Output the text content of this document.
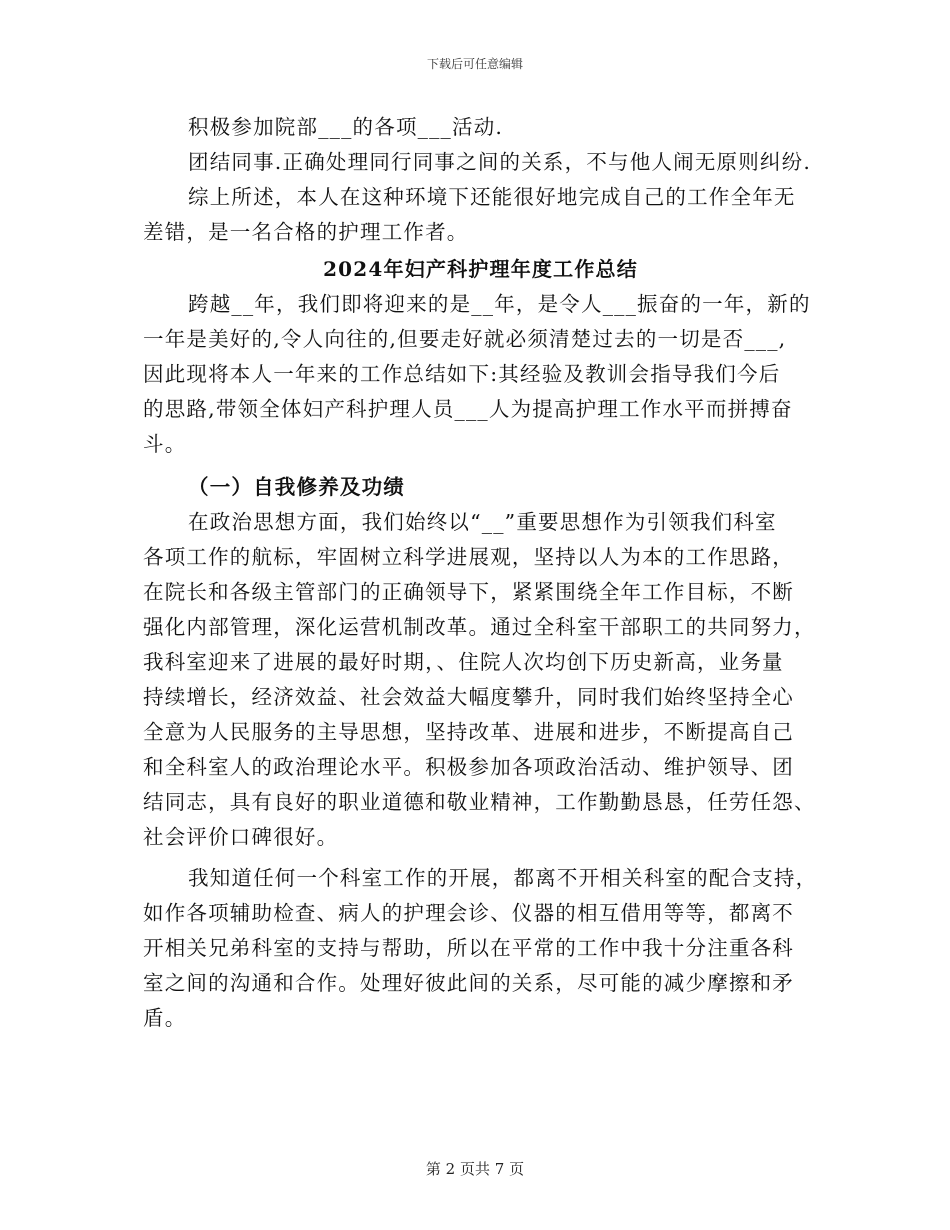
下载后可任意编辑
积极参加院部___的各项___活动.
团结同事.正确处理同行同事之间的关系，不与他人闹无原则纠纷.
综上所述，本人在这种环境下还能很好地完成自己的工作全年无
差错，是一名合格的护理工作者。
2024年妇产科护理年度工作总结
跨越__年，我们即将迎来的是__年，是令人___振奋的一年，新的
一年是美好的,令人向往的,但要走好就必须清楚过去的一切是否___,
因此现将本人一年来的工作总结如下:其经验及教训会指导我们今后
的思路,带领全体妇产科护理人员___人为提高护理工作水平而拼搏奋
斗。
（一）自我修养及功绩
在政治思想方面，我们始终以“__”重要思想作为引领我们科室
各项工作的航标，牢固树立科学进展观，坚持以人为本的工作思路，
在院长和各级主管部门的正确领导下，紧紧围绕全年工作目标，不断
强化内部管理，深化运营机制改革。通过全科室干部职工的共同努力，
我科室迎来了进展的最好时期，、住院人次均创下历史新高，业务量
持续增长，经济效益、社会效益大幅度攀升，同时我们始终坚持全心
全意为人民服务的主导思想，坚持改革、进展和进步，不断提高自己
和全科室人的政治理论水平。积极参加各项政治活动、维护领导、团
结同志，具有良好的职业道德和敬业精神，工作勤勤恳恳，任劳任怨、
社会评价口碑很好。
我知道任何一个科室工作的开展，都离不开相关科室的配合支持，
如作各项辅助检查、病人的护理会诊、仪器的相互借用等等，都离不
开相关兄弟科室的支持与帮助，所以在平常的工作中我十分注重各科
室之间的沟通和合作。处理好彼此间的关系，尽可能的减少摩擦和矛
盾。
第 2 页共 7 页
